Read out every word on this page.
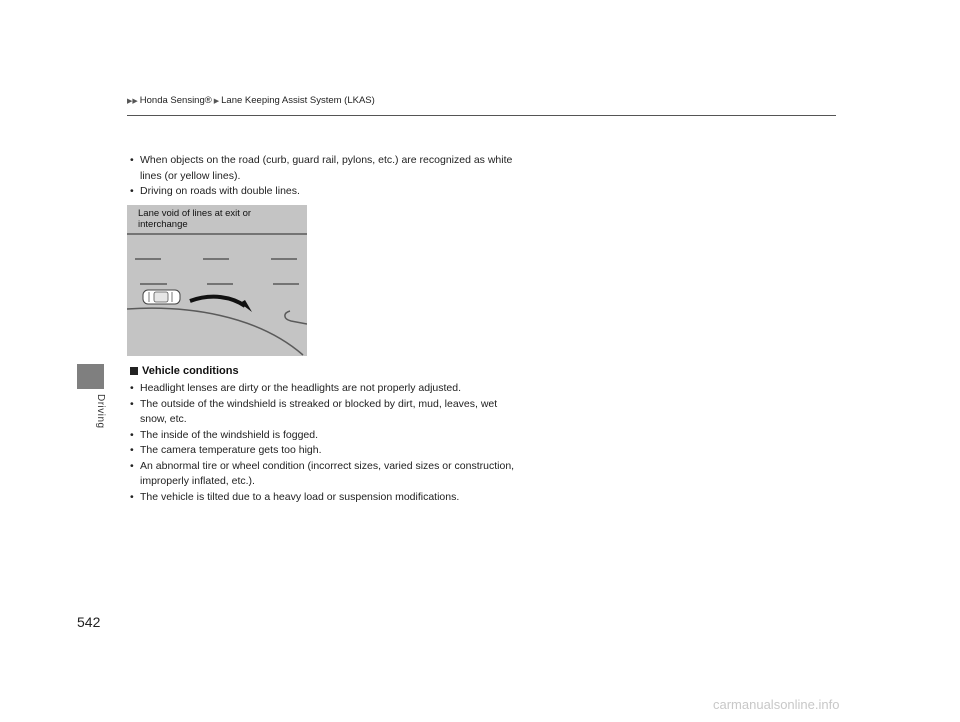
▶▶ Honda Sensing® ▶ Lane Keeping Assist System (LKAS)
Driving
• When objects on the road (curb, guard rail, pylons, etc.) are recognized as white
lines (or yellow lines).
• Driving on roads with double lines.
Lane void of lines at exit or
interchange
Vehicle conditions
• Headlight lenses are dirty or the headlights are not properly adjusted.
• The outside of the windshield is streaked or blocked by dirt, mud, leaves, wet
snow, etc.
• The inside of the windshield is fogged.
• The camera temperature gets too high.
• An abnormal tire or wheel condition (incorrect sizes, varied sizes or construction,
improperly inflated, etc.).
• The vehicle is tilted due to a heavy load or suspension modifications.
542
carmanualsonline.info
